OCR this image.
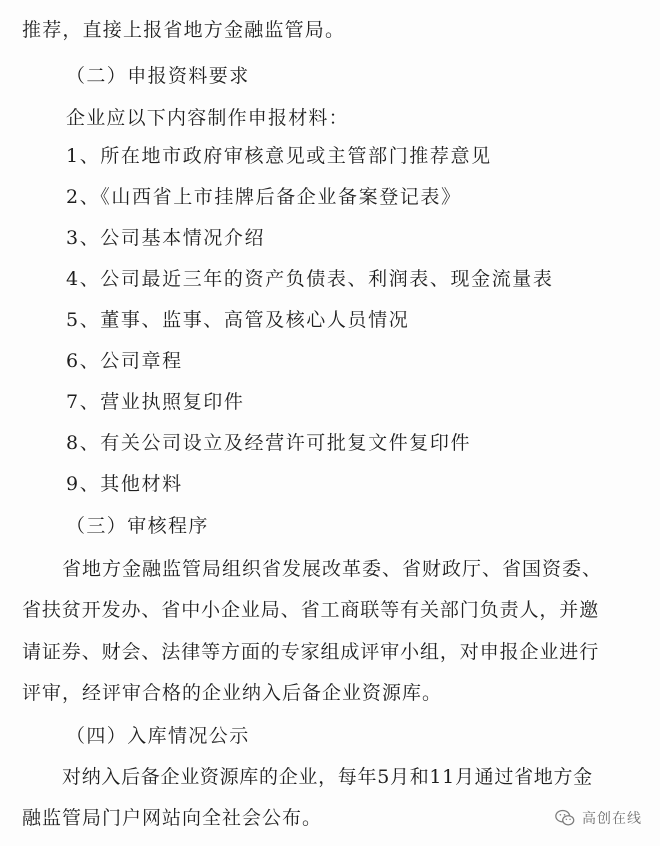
推荐，直接上报省地方金融监管局。
（二）申报资料要求
企业应以下内容制作申报材料：
1、所在地市政府审核意见或主管部门推荐意见
2、《山西省上市挂牌后备企业备案登记表》
3、公司基本情况介绍
4、公司最近三年的资产负债表、利润表、现金流量表
5、董事、监事、高管及核心人员情况
6、公司章程
7、营业执照复印件
8、有关公司设立及经营许可批复文件复印件
9、其他材料
（三）审核程序
省地方金融监管局组织省发展改革委、省财政厅、省国资委、
省扶贫开发办、省中小企业局、省工商联等有关部门负责人，并邀
请证券、财会、法律等方面的专家组成评审小组，对申报企业进行
评审，经评审合格的企业纳入后备企业资源库。
（四）入库情况公示
对纳入后备企业资源库的企业，每年5月和11月通过省地方金
融监管局门户网站向全社会公布。	高创在线
